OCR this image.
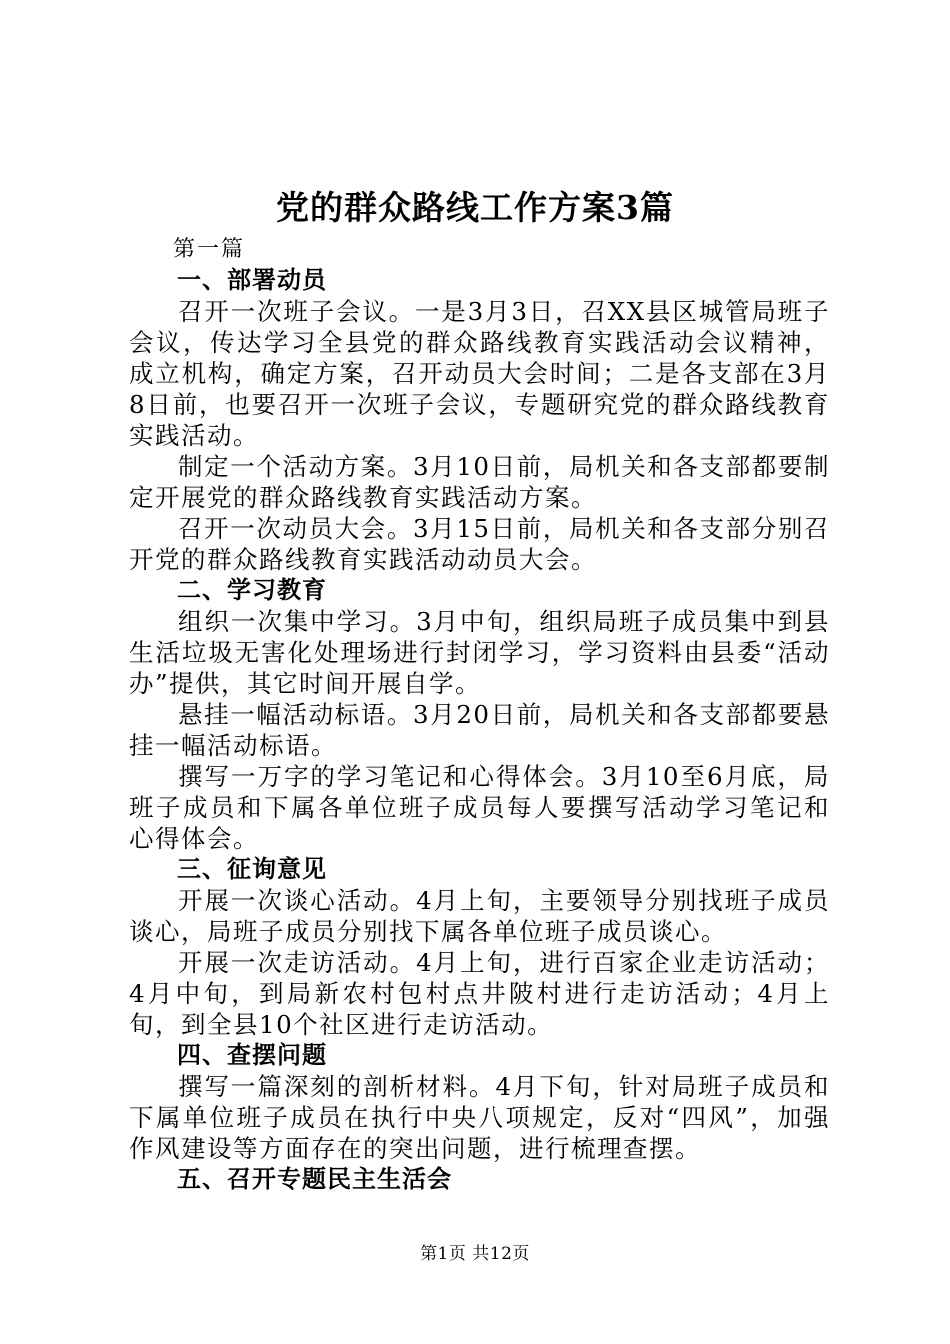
党的群众路线工作方案3篇

第一篇

一、部署动员

召开一次班子会议。一是3月3日，召XX县区城管局班子会议，传达学习全县党的群众路线教育实践活动会议精神，成立机构，确定方案，召开动员大会时间；二是各支部在3月8日前，也要召开一次班子会议，专题研究党的群众路线教育实践活动。

制定一个活动方案。3月10日前，局机关和各支部都要制定开展党的群众路线教育实践活动方案。

召开一次动员大会。3月15日前，局机关和各支部分别召开党的群众路线教育实践活动动员大会。

二、学习教育

组织一次集中学习。3月中旬，组织局班子成员集中到县生活垃圾无害化处理场进行封闭学习，学习资料由县委“活动办”提供，其它时间开展自学。

悬挂一幅活动标语。3月20日前，局机关和各支部都要悬挂一幅活动标语。

撰写一万字的学习笔记和心得体会。3月10至6月底，局班子成员和下属各单位班子成员每人要撰写活动学习笔记和心得体会。

三、征询意见

开展一次谈心活动。4月上旬，主要领导分别找班子成员谈心，局班子成员分别找下属各单位班子成员谈心。

开展一次走访活动。4月上旬，进行百家企业走访活动；4月中旬，到局新农村包村点井陂村进行走访活动；4月上旬，到全县10个社区进行走访活动。

四、查摆问题

撰写一篇深刻的剖析材料。4月下旬，针对局班子成员和下属单位班子成员在执行中央八项规定，反对“四风”，加强作风建设等方面存在的突出问题，进行梳理查摆。

五、召开专题民主生活会

第1页 共12页
